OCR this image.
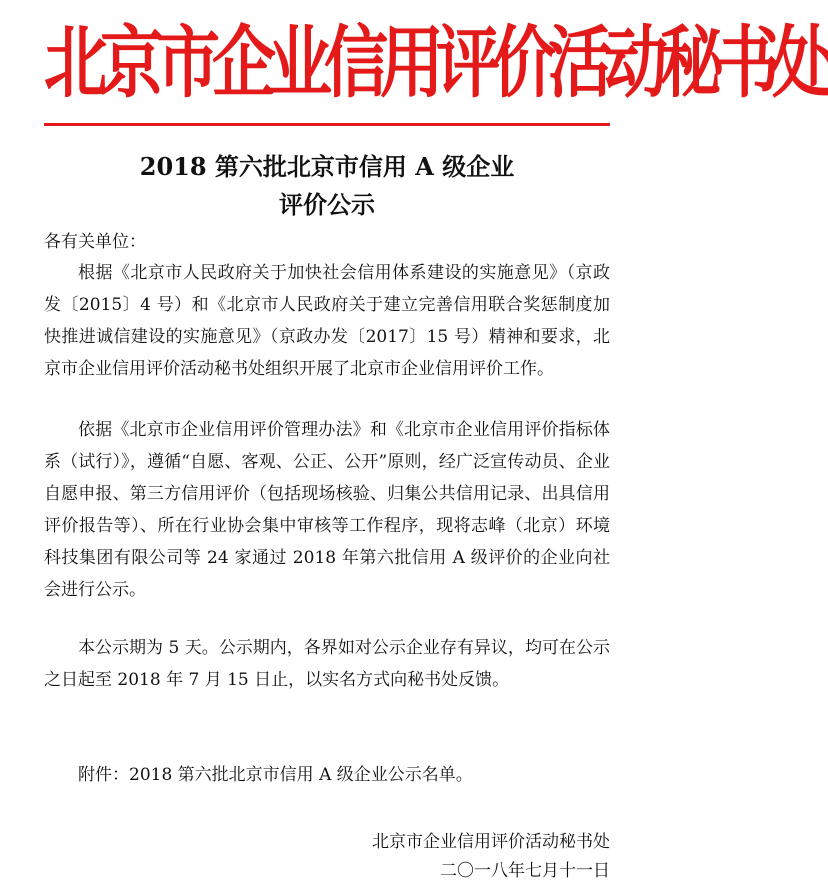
北京市企业信用评价活动秘书处
2018 第六批北京市信用 A 级企业
评价公示
各有关单位：

根据《北京市人民政府关于加快社会信用体系建设的实施意见》（京政发〔2015〕4 号）和《北京市人民政府关于建立完善信用联合奖惩制度加快推进诚信建设的实施意见》（京政办发〔2017〕15 号）精神和要求，北京市企业信用评价活动秘书处组织开展了北京市企业信用评价工作。

依据《北京市企业信用评价管理办法》和《北京市企业信用评价指标体系（试行）》，遵循“自愿、客观、公正、公开”原则，经广泛宣传动员、企业自愿申报、第三方信用评价（包括现场核验、归集公共信用记录、出具信用评价报告等）、所在行业协会集中审核等工作程序，现将志峰（北京）环境科技集团有限公司等 24 家通过 2018 年第六批信用 A 级评价的企业向社会进行公示。

本公示期为 5 天。公示期内，各界如对公示企业存有异议，均可在公示之日起至 2018 年 7 月 15 日止，以实名方式向秘书处反馈。

附件：2018 第六批北京市信用 A 级企业公示名单。
北京市企业信用评价活动秘书处
二〇一八年七月十一日
